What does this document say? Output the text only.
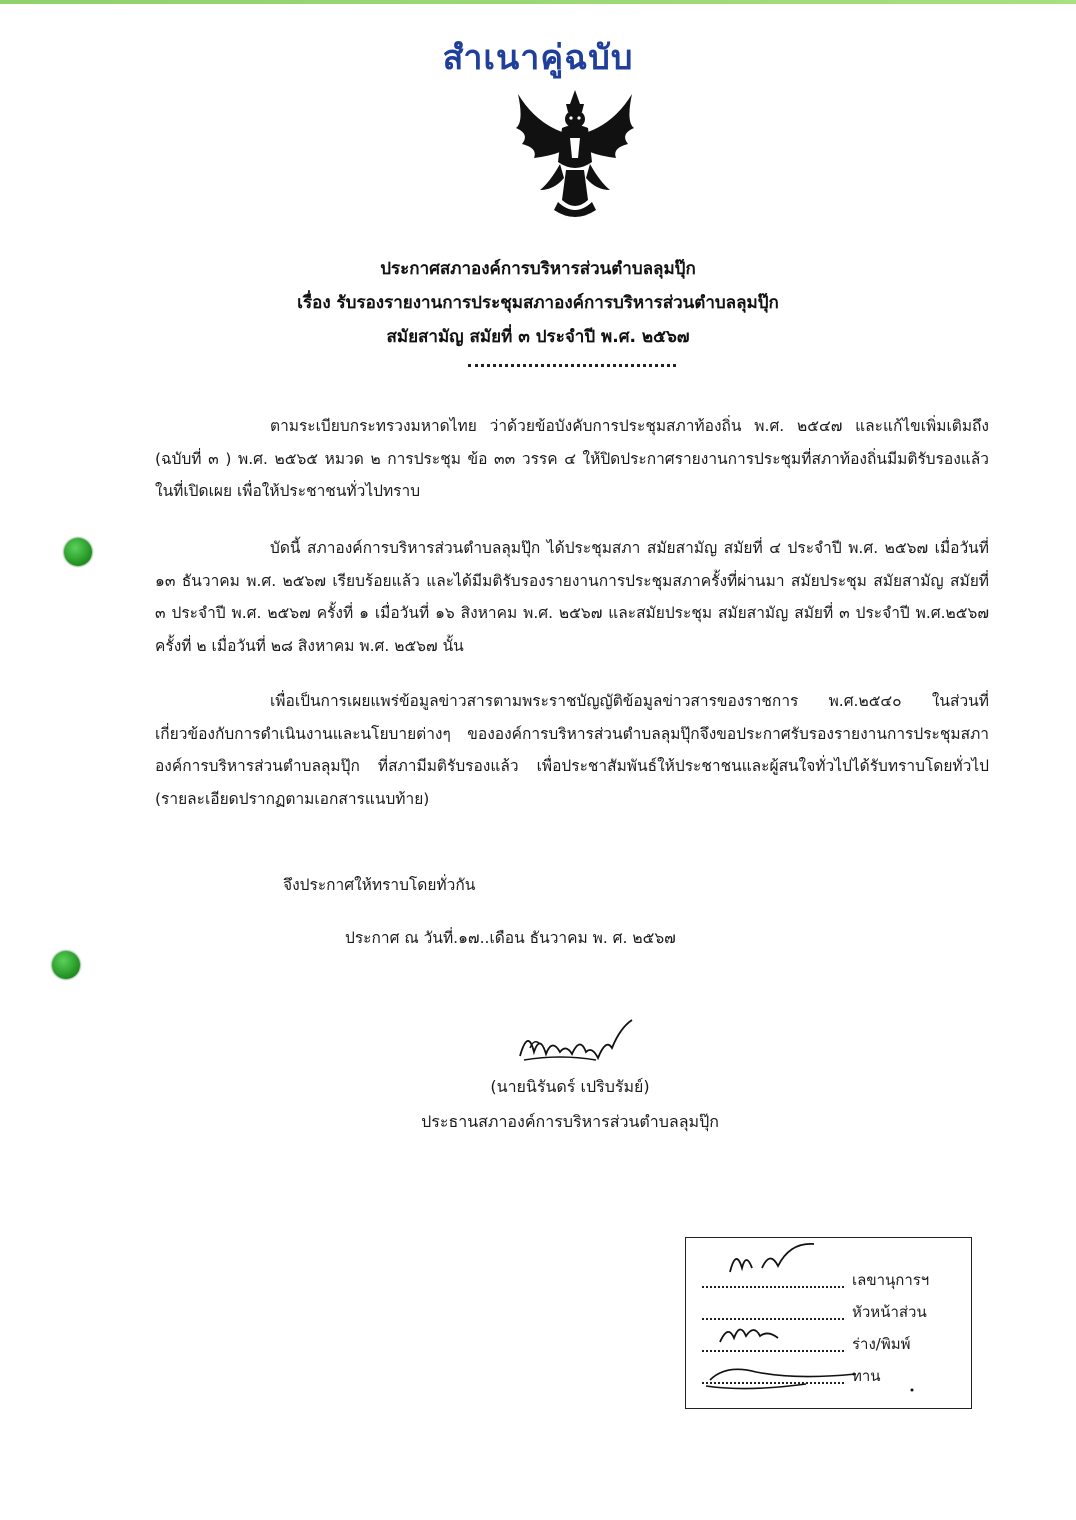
สำเนาคู่ฉบับ
ประกาศสภาองค์การบริหารส่วนตำบลลุมปุ๊ก
เรื่อง รับรองรายงานการประชุมสภาองค์การบริหารส่วนตำบลลุมปุ๊ก
สมัยสามัญ สมัยที่ ๓ ประจำปี พ.ศ. ๒๕๖๗
ตามระเบียบกระทรวงมหาดไทย ว่าด้วยข้อบังคับการประชุมสภาท้องถิ่น พ.ศ. ๒๕๔๗ และแก้ไขเพิ่มเติมถึง (ฉบับที่ ๓ ) พ.ศ. ๒๕๖๕ หมวด ๒ การประชุม ข้อ ๓๓ วรรค ๔ ให้ปิดประกาศรายงานการประชุมที่สภาท้องถิ่นมีมติรับรองแล้ว ในที่เปิดเผย เพื่อให้ประชาชนทั่วไปทราบ
บัดนี้ สภาองค์การบริหารส่วนตำบลลุมปุ๊ก ได้ประชุมสภา สมัยสามัญ สมัยที่ ๔ ประจำปี พ.ศ. ๒๕๖๗ เมื่อวันที่ ๑๓ ธันวาคม พ.ศ. ๒๕๖๗ เรียบร้อยแล้ว และได้มีมติรับรองรายงานการประชุมสภาครั้งที่ผ่านมา สมัยประชุม สมัยสามัญ สมัยที่ ๓ ประจำปี พ.ศ. ๒๕๖๗ ครั้งที่ ๑ เมื่อวันที่ ๑๖ สิงหาคม พ.ศ. ๒๕๖๗ และสมัยประชุม สมัยสามัญ สมัยที่ ๓ ประจำปี พ.ศ.๒๕๖๗ ครั้งที่ ๒ เมื่อวันที่ ๒๘ สิงหาคม พ.ศ. ๒๕๖๗ นั้น
เพื่อเป็นการเผยแพร่ข้อมูลข่าวสารตามพระราชบัญญัติข้อมูลข่าวสารของราชการ พ.ศ.๒๕๔๐ ในส่วนที่เกี่ยวข้องกับการดำเนินงานและนโยบายต่างๆ ขององค์การบริหารส่วนตำบลลุมปุ๊กจึงขอประกาศรับรองรายงานการประชุมสภาองค์การบริหารส่วนตำบลลุมปุ๊ก ที่สภามีมติรับรองแล้ว เพื่อประชาสัมพันธ์ให้ประชาชนและผู้สนใจทั่วไปได้รับทราบโดยทั่วไป (รายละเอียดปรากฏตามเอกสารแนบท้าย)
จึงประกาศให้ทราบโดยทั่วกัน
ประกาศ ณ วันที่.๑๗..เดือน ธันวาคม พ. ศ. ๒๕๖๗
(นายนิรันดร์ เปริบรัมย์)
ประธานสภาองค์การบริหารส่วนตำบลลุมปุ๊ก
เลขานุการฯ
หัวหน้าส่วน
ร่าง/พิมพ์
ทาน
